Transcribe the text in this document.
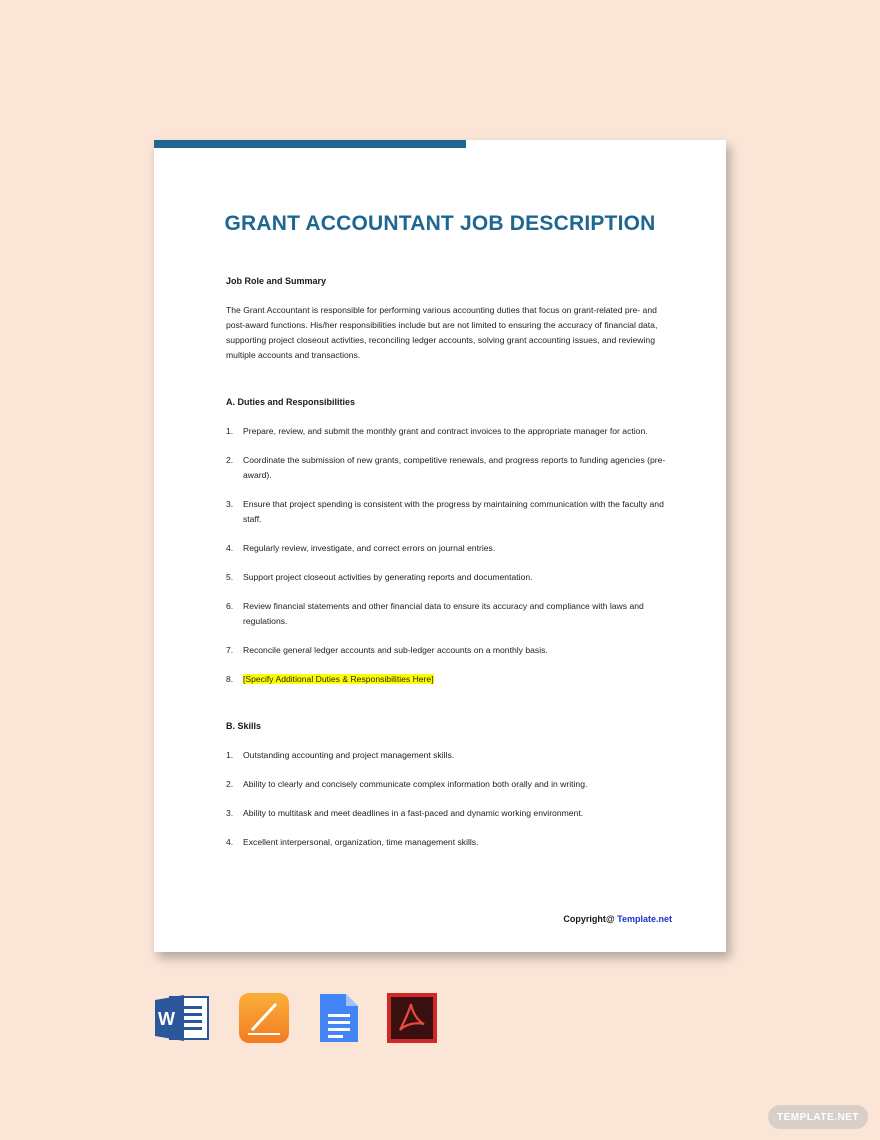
GRANT ACCOUNTANT JOB DESCRIPTION

Job Role and Summary

The Grant Accountant is responsible for performing various accounting duties that focus on grant-related pre- and post-award functions. His/her responsibilities include but are not limited to ensuring the accuracy of financial data, supporting project closeout activities, reconciling ledger accounts, solving grant accounting issues, and reviewing multiple accounts and transactions.

A. Duties and Responsibilities

1.	Prepare, review, and submit the monthly grant and contract invoices to the appropriate manager for action.
2.	Coordinate the submission of new grants, competitive renewals, and progress reports to funding agencies (pre-award).
3.	Ensure that project spending is consistent with the progress by maintaining communication with the faculty and staff.
4.	Regularly review, investigate, and correct errors on journal entries.
5.	Support project closeout activities by generating reports and documentation.
6.	Review financial statements and other financial data to ensure its accuracy and compliance with laws and regulations.
7.	Reconcile general ledger accounts and sub-ledger accounts on a monthly basis.
8.	[Specify Additional Duties & Responsibilities Here]

B. Skills

1.	Outstanding accounting and project management skills.
2.	Ability to clearly and concisely communicate complex information both orally and in writing.
3.	Ability to multitask and meet deadlines in a fast-paced and dynamic working environment.
4.	Excellent interpersonal, organization, time management skills.
Copyright@ Template.net
W
TEMPLATE.NET
